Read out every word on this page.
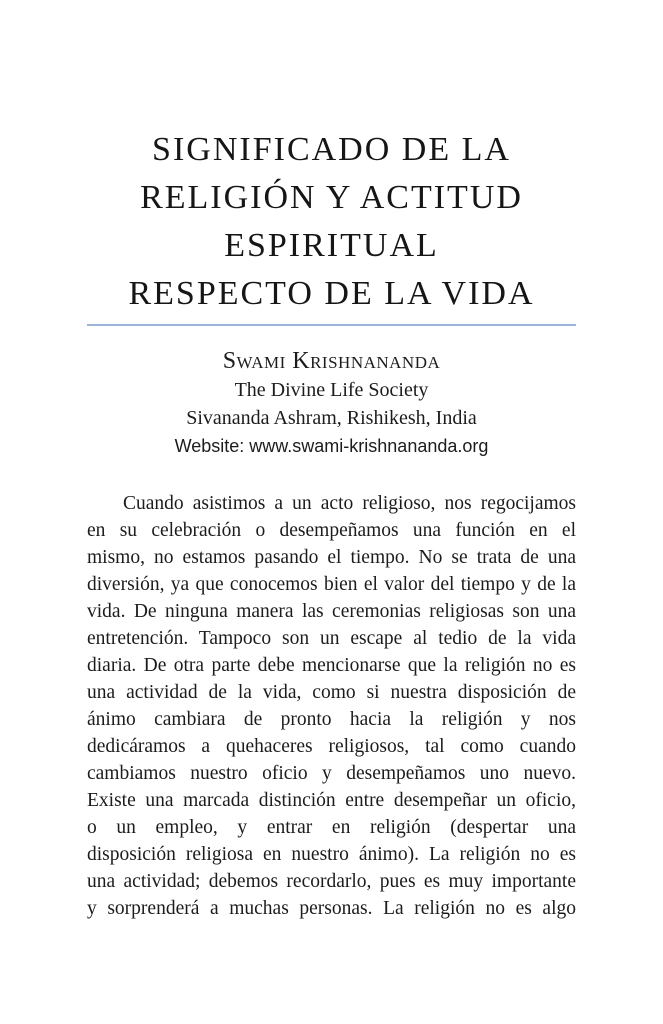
SIGNIFICADO DE LA
RELIGIÓN Y ACTITUD
ESPIRITUAL
RESPECTO DE LA VIDA
Swami Krishnananda
The Divine Life Society
Sivananda Ashram, Rishikesh, India
Website: www.swami-krishnananda.org
Cuando asistimos a un acto religioso, nos regocijamos
en su celebración o desempeñamos una función en el
mismo, no estamos pasando el tiempo. No se trata de una
diversión, ya que conocemos bien el valor del tiempo y de la
vida. De ninguna manera las ceremonias religiosas son una
entretención. Tampoco son un escape al tedio de la vida
diaria. De otra parte debe mencionarse que la religión no es
una actividad de la vida, como si nuestra disposición de
ánimo cambiara de pronto hacia la religión y nos
dedicáramos a quehaceres religiosos, tal como cuando
cambiamos nuestro oficio y desempeñamos uno nuevo.
Existe una marcada distinción entre desempeñar un oficio,
o un empleo, y entrar en religión (despertar una
disposición religiosa en nuestro ánimo). La religión no es
una actividad; debemos recordarlo, pues es muy importante
y sorprenderá a muchas personas. La religión no es algo
